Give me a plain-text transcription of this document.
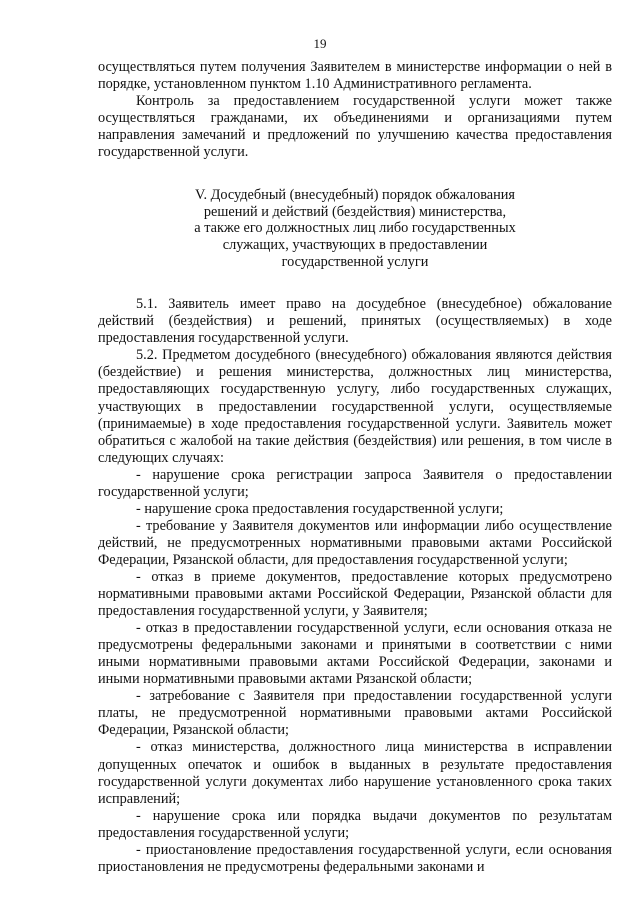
19

осуществляться путем получения Заявителем в министерстве информации о ней в порядке, установленном пунктом 1.10 Административного регламента.

Контроль за предоставлением государственной услуги может также осуществляться гражданами, их объединениями и организациями путем направления замечаний и предложений по улучшению качества предоставления государственной услуги.

V. Досудебный (внесудебный) порядок обжалования
решений и действий (бездействия) министерства,
а также его должностных лиц либо государственных
служащих, участвующих в предоставлении
государственной услуги

5.1. Заявитель имеет право на досудебное (внесудебное) обжалование действий (бездействия) и решений, принятых (осуществляемых) в ходе предоставления государственной услуги.

5.2. Предметом досудебного (внесудебного) обжалования являются действия (бездействие) и решения министерства, должностных лиц министерства, предоставляющих государственную услугу, либо государственных служащих, участвующих в предоставлении государственной услуги, осуществляемые (принимаемые) в ходе предоставления государственной услуги. Заявитель может обратиться с жалобой на такие действия (бездействия) или решения, в том числе в следующих случаях:

- нарушение срока регистрации запроса Заявителя о предоставлении государственной услуги;

- нарушение срока предоставления государственной услуги;

- требование у Заявителя документов или информации либо осуществление действий, не предусмотренных нормативными правовыми актами Российской Федерации, Рязанской области, для предоставления государственной услуги;

- отказ в приеме документов, предоставление которых предусмотрено нормативными правовыми актами Российской Федерации, Рязанской области для предоставления государственной услуги, у Заявителя;

- отказ в предоставлении государственной услуги, если основания отказа не предусмотрены федеральными законами и принятыми в соответствии с ними иными нормативными правовыми актами Российской Федерации, законами и иными нормативными правовыми актами Рязанской области;

- затребование с Заявителя при предоставлении государственной услуги платы, не предусмотренной нормативными правовыми актами Российской Федерации, Рязанской области;

- отказ министерства, должностного лица министерства в исправлении допущенных опечаток и ошибок в выданных в результате предоставления государственной услуги документах либо нарушение установленного срока таких исправлений;

- нарушение срока или порядка выдачи документов по результатам предоставления государственной услуги;

- приостановление предоставления государственной услуги, если основания приостановления не предусмотрены федеральными законами и
